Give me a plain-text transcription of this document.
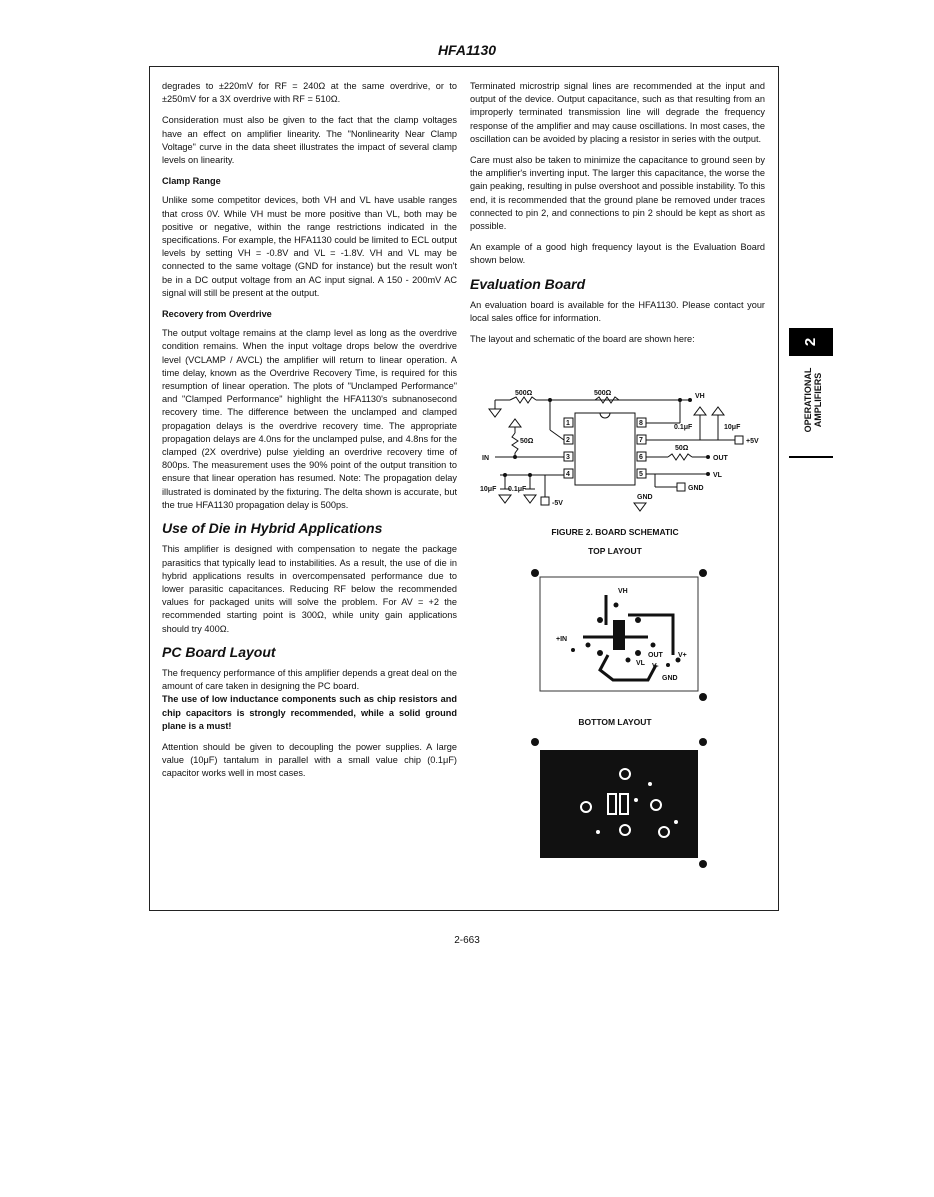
HFA1130

degrades to ±220mV for RF = 240Ω at the same overdrive, or to ±250mV for a 3X overdrive with RF = 510Ω.

Consideration must also be given to the fact that the clamp voltages have an effect on amplifier linearity. The "Nonlinearity Near Clamp Voltage" curve in the data sheet illustrates the impact of several clamp levels on linearity.

Clamp Range

Unlike some competitor devices, both VH and VL have usable ranges that cross 0V. While VH must be more positive than VL, both may be positive or negative, within the range restrictions indicated in the specifications. For example, the HFA1130 could be limited to ECL output levels by setting VH = -0.8V and VL = -1.8V. VH and VL may be connected to the same voltage (GND for instance) but the result won't be in a DC output voltage from an AC input signal. A 150 - 200mV AC signal will still be present at the output.

Recovery from Overdrive

The output voltage remains at the clamp level as long as the overdrive condition remains. When the input voltage drops below the overdrive level (VCLAMP / AVCL) the amplifier will return to linear operation. A time delay, known as the Overdrive Recovery Time, is required for this resumption of linear operation. The plots of "Unclamped Performance" and "Clamped Performance" highlight the HFA1130's subnanosecond recovery time. The difference between the unclamped and clamped propagation delays is the overdrive recovery time. The appropriate propagation delays are 4.0ns for the unclamped pulse, and 4.8ns for the clamped (2X overdrive) pulse yielding an overdrive recovery time of 800ps. The measurement uses the 90% point of the output transition to ensure that linear operation has resumed. Note: The propagation delay illustrated is dominated by the fixturing. The delta shown is accurate, but the true HFA1130 propagation delay is 500ps.

Use of Die in Hybrid Applications

This amplifier is designed with compensation to negate the package parasitics that typically lead to instabilities. As a result, the use of die in hybrid applications results in overcompensated performance due to lower parasitic capacitances. Reducing RF below the recommended values for packaged units will solve the problem. For AV = +2 the recommended starting point is 300Ω, while unity gain applications should try 400Ω.

PC Board Layout

The frequency performance of this amplifier depends a great deal on the amount of care taken in designing the PC board.

The use of low inductance components such as chip resistors and chip capacitors is strongly recommended, while a solid ground plane is a must!

Attention should be given to decoupling the power supplies. A large value (10μF) tantalum in parallel with a small value chip (0.1μF) capacitor works well in most cases.

Terminated microstrip signal lines are recommended at the input and output of the device. Output capacitance, such as that resulting from an improperly terminated transmission line will degrade the frequency response of the amplifier and may cause oscillations. In most cases, the oscillation can be avoided by placing a resistor in series with the output.

Care must also be taken to minimize the capacitance to ground seen by the amplifier's inverting input. The larger this capacitance, the worse the gain peaking, resulting in pulse overshoot and possible instability. To this end, it is recommended that the ground plane be removed under traces connected to pin 2, and connections to pin 2 should be kept as short as possible.

An example of a good high frequency layout is the Evaluation Board shown below.

Evaluation Board

An evaluation board is available for the HFA1130. Please contact your local sales office for information.

The layout and schematic of the board are shown here:	2
OPERATIONAL AMPLIFIERS
500Ω	500Ω	VH
50Ω
IN
50Ω
OUT
VL
+5V
-5V
GND
GND
0.1μF	10μF
10μF 0.1μF
1
2
3
4
8
7
6
5
FIGURE 2. BOARD SCHEMATIC
TOP LAYOUT
VH
+IN
OUT V+
VL V-
GND
BOTTOM LAYOUT
2-663
